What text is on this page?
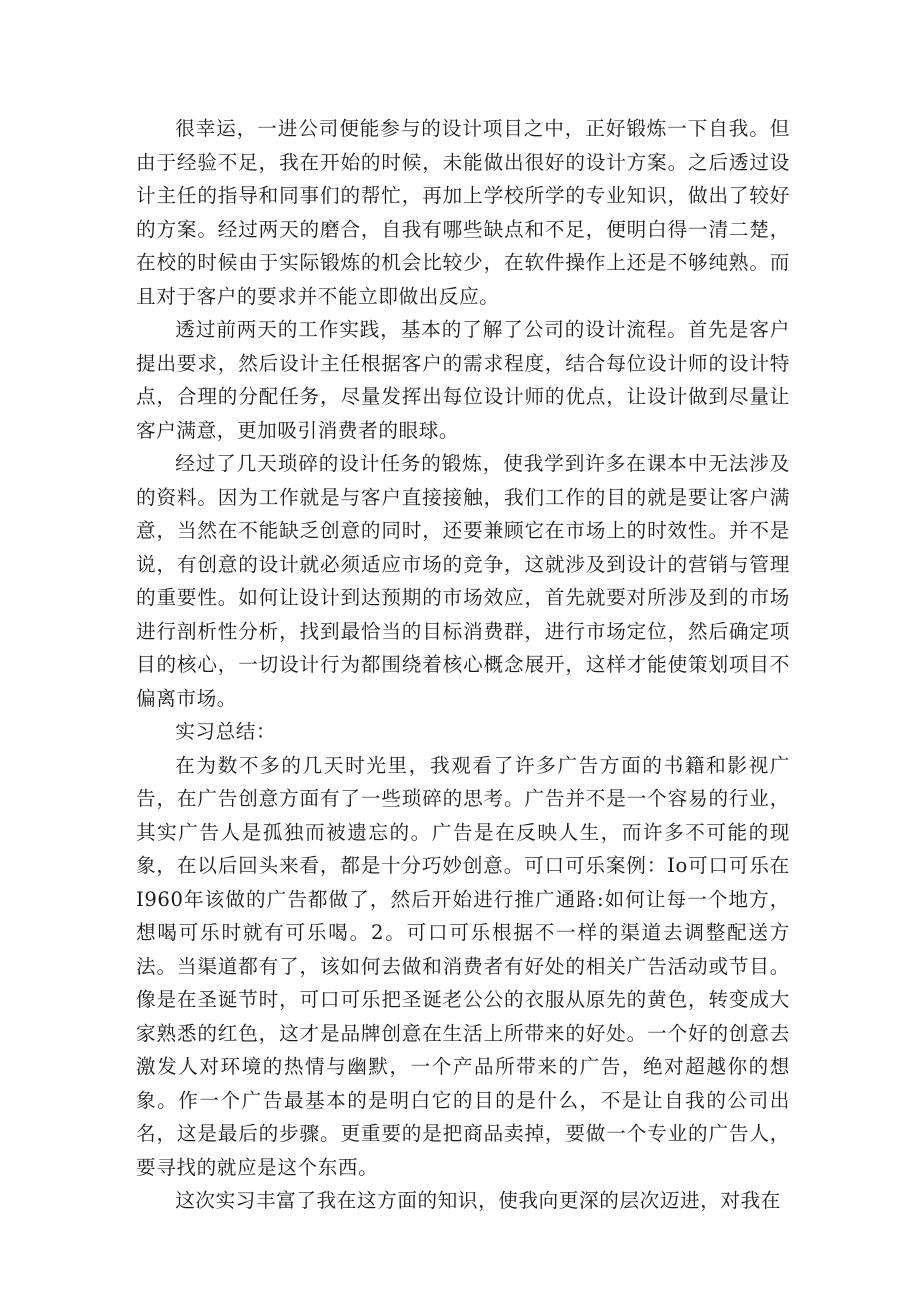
很幸运，一进公司便能参与的设计项目之中，正好锻炼一下自我。但由于经验不足，我在开始的时候，未能做出很好的设计方案。之后透过设计主任的指导和同事们的帮忙，再加上学校所学的专业知识，做出了较好的方案。经过两天的磨合，自我有哪些缺点和不足，便明白得一清二楚，在校的时候由于实际锻炼的机会比较少，在软件操作上还是不够纯熟。而且对于客户的要求并不能立即做出反应。

透过前两天的工作实践，基本的了解了公司的设计流程。首先是客户提出要求，然后设计主任根据客户的需求程度，结合每位设计师的设计特点，合理的分配任务，尽量发挥出每位设计师的优点，让设计做到尽量让客户满意，更加吸引消费者的眼球。

经过了几天琐碎的设计任务的锻炼，使我学到许多在课本中无法涉及的资料。因为工作就是与客户直接接触，我们工作的目的就是要让客户满意，当然在不能缺乏创意的同时，还要兼顾它在市场上的时效性。并不是说，有创意的设计就必须适应市场的竞争，这就涉及到设计的营销与管理的重要性。如何让设计到达预期的市场效应，首先就要对所涉及到的市场进行剖析性分析，找到最恰当的目标消费群，进行市场定位，然后确定项目的核心，一切设计行为都围绕着核心概念展开，这样才能使策划项目不偏离市场。

实习总结：

在为数不多的几天时光里，我观看了许多广告方面的书籍和影视广告，在广告创意方面有了一些琐碎的思考。广告并不是一个容易的行业，其实广告人是孤独而被遗忘的。广告是在反映人生，而许多不可能的现象，在以后回头来看，都是十分巧妙创意。可口可乐案例：Io可口可乐在I960年该做的广告都做了，然后开始进行推广通路:如何让每一个地方，想喝可乐时就有可乐喝。2。可口可乐根据不一样的渠道去调整配送方法。当渠道都有了，该如何去做和消费者有好处的相关广告活动或节目。像是在圣诞节时，可口可乐把圣诞老公公的衣服从原先的黄色，转变成大家熟悉的红色，这才是品牌创意在生活上所带来的好处。一个好的创意去激发人对环境的热情与幽默，一个产品所带来的广告，绝对超越你的想象。作一个广告最基本的是明白它的目的是什么，不是让自我的公司出名，这是最后的步骤。更重要的是把商品卖掉，要做一个专业的广告人，要寻找的就应是这个东西。

这次实习丰富了我在这方面的知识，使我向更深的层次迈进，对我在
